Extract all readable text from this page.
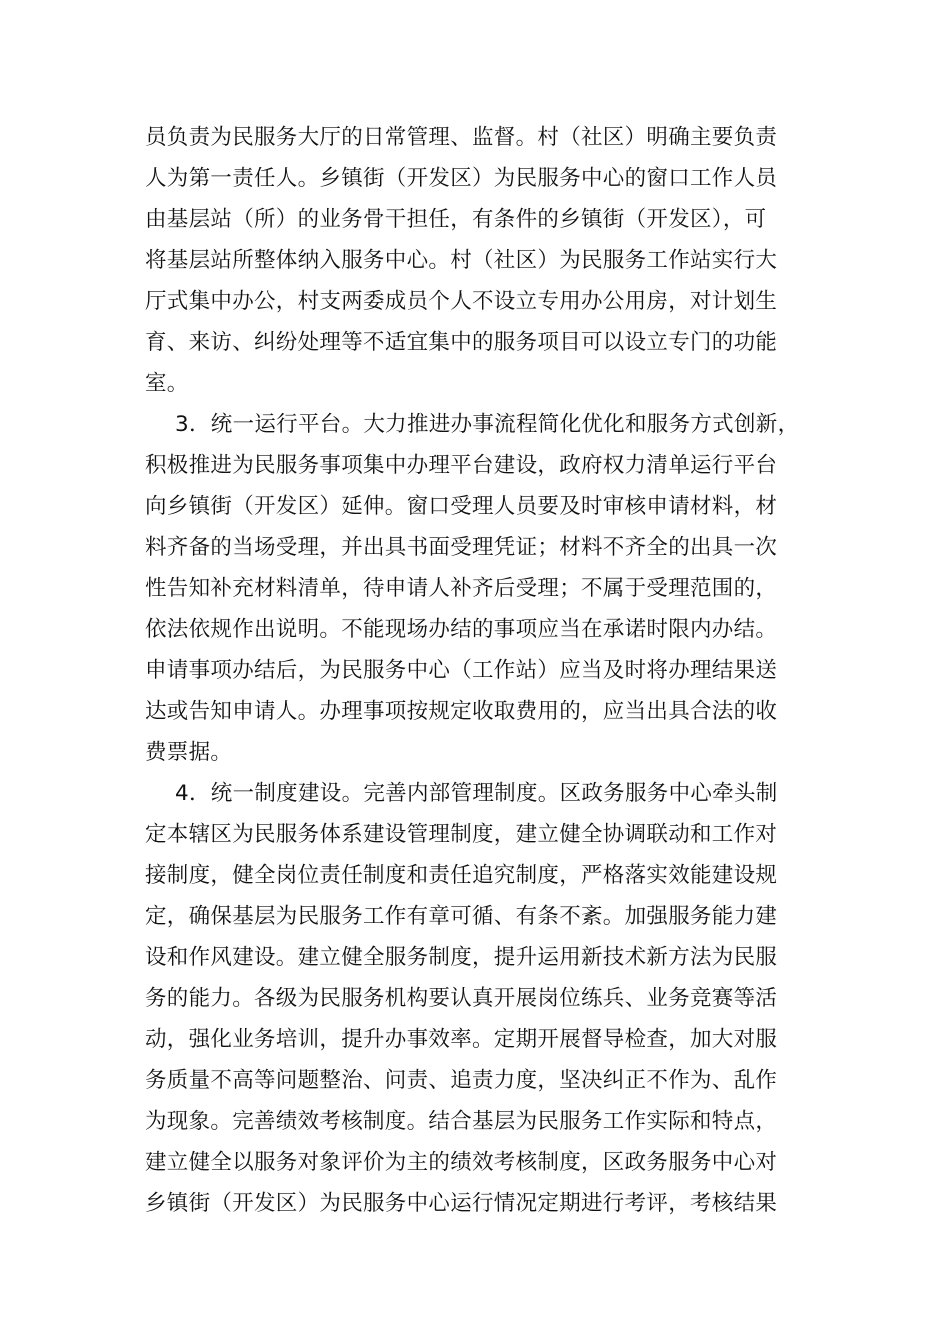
员负责为民服务大厅的日常管理、监督。村（社区）明确主要负责
人为第一责任人。乡镇街（开发区）为民服务中心的窗口工作人员
由基层站（所）的业务骨干担任，有条件的乡镇街（开发区），可
将基层站所整体纳入服务中心。村（社区）为民服务工作站实行大
厅式集中办公，村支两委成员个人不设立专用办公用房，对计划生
育、来访、纠纷处理等不适宜集中的服务项目可以设立专门的功能
室。
3．统一运行平台。大力推进办事流程简化优化和服务方式创新，
积极推进为民服务事项集中办理平台建设，政府权力清单运行平台
向乡镇街（开发区）延伸。窗口受理人员要及时审核申请材料，材
料齐备的当场受理，并出具书面受理凭证；材料不齐全的出具一次
性告知补充材料清单，待申请人补齐后受理；不属于受理范围的，
依法依规作出说明。不能现场办结的事项应当在承诺时限内办结。
申请事项办结后，为民服务中心（工作站）应当及时将办理结果送
达或告知申请人。办理事项按规定收取费用的，应当出具合法的收
费票据。
4．统一制度建设。完善内部管理制度。区政务服务中心牵头制
定本辖区为民服务体系建设管理制度，建立健全协调联动和工作对
接制度，健全岗位责任制度和责任追究制度，严格落实效能建设规
定，确保基层为民服务工作有章可循、有条不紊。加强服务能力建
设和作风建设。建立健全服务制度，提升运用新技术新方法为民服
务的能力。各级为民服务机构要认真开展岗位练兵、业务竞赛等活
动，强化业务培训，提升办事效率。定期开展督导检查，加大对服
务质量不高等问题整治、问责、追责力度，坚决纠正不作为、乱作
为现象。完善绩效考核制度。结合基层为民服务工作实际和特点，
建立健全以服务对象评价为主的绩效考核制度，区政务服务中心对
乡镇街（开发区）为民服务中心运行情况定期进行考评，考核结果
